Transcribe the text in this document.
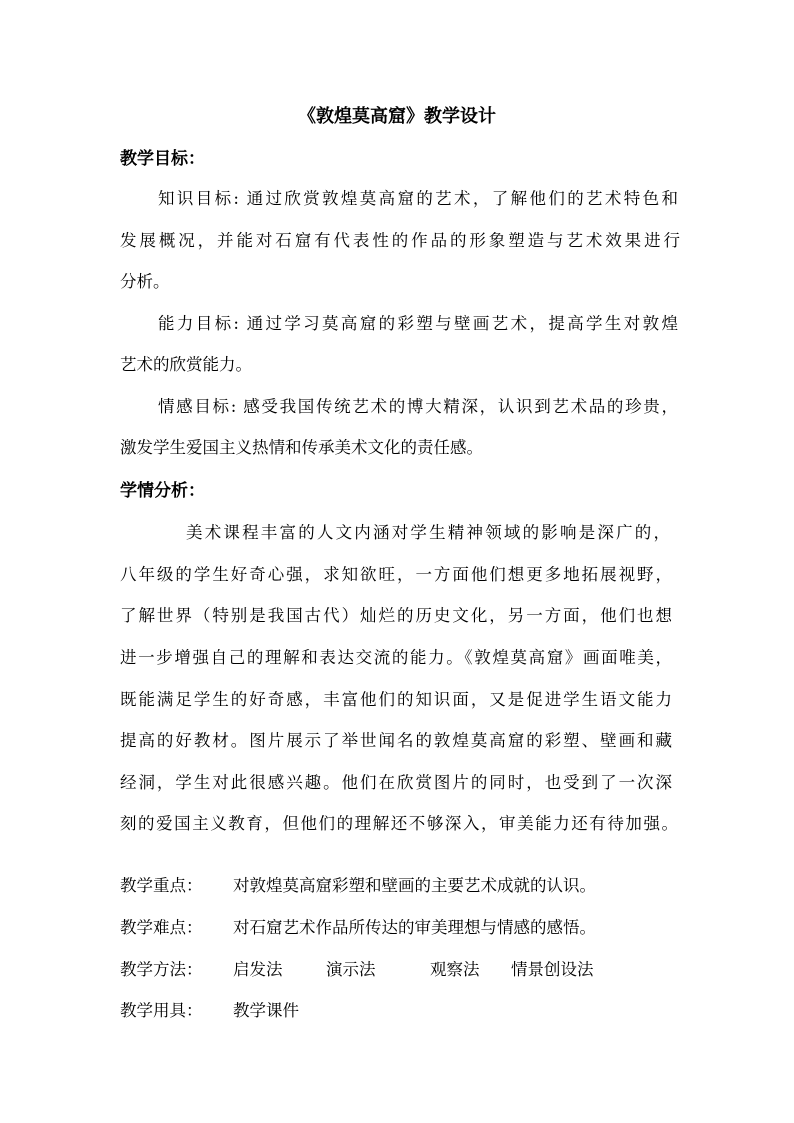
《敦煌莫高窟》教学设计
教学目标：
知识目标: 通过欣赏敦煌莫高窟的艺术，了解他们的艺术特色和
发展概况，并能对石窟有代表性的作品的形象塑造与艺术效果进行
分析。
能力目标: 通过学习莫高窟的彩塑与壁画艺术，提高学生对敦煌
艺术的欣赏能力。
情感目标: 感受我国传统艺术的博大精深，认识到艺术品的珍贵，
激发学生爱国主义热情和传承美术文化的责任感。
学情分析：
美术课程丰富的人文内涵对学生精神领域的影响是深广的，
八年级的学生好奇心强，求知欲旺，一方面他们想更多地拓展视野，
了解世界（特别是我国古代）灿烂的历史文化，另一方面，他们也想
进一步增强自己的理解和表达交流的能力。《敦煌莫高窟》画面唯美，
既能满足学生的好奇感，丰富他们的知识面，又是促进学生语文能力
提高的好教材。图片展示了举世闻名的敦煌莫高窟的彩塑、壁画和藏
经洞，学生对此很感兴趣。他们在欣赏图片的同时，也受到了一次深
刻的爱国主义教育，但他们的理解还不够深入，审美能力还有待加强。
教学重点： 对敦煌莫高窟彩塑和壁画的主要艺术成就的认识。
教学难点： 对石窟艺术作品所传达的审美理想与情感的感悟。
教学方法： 启发法	演示法	观察法 情景创设法
教学用具： 教学课件
